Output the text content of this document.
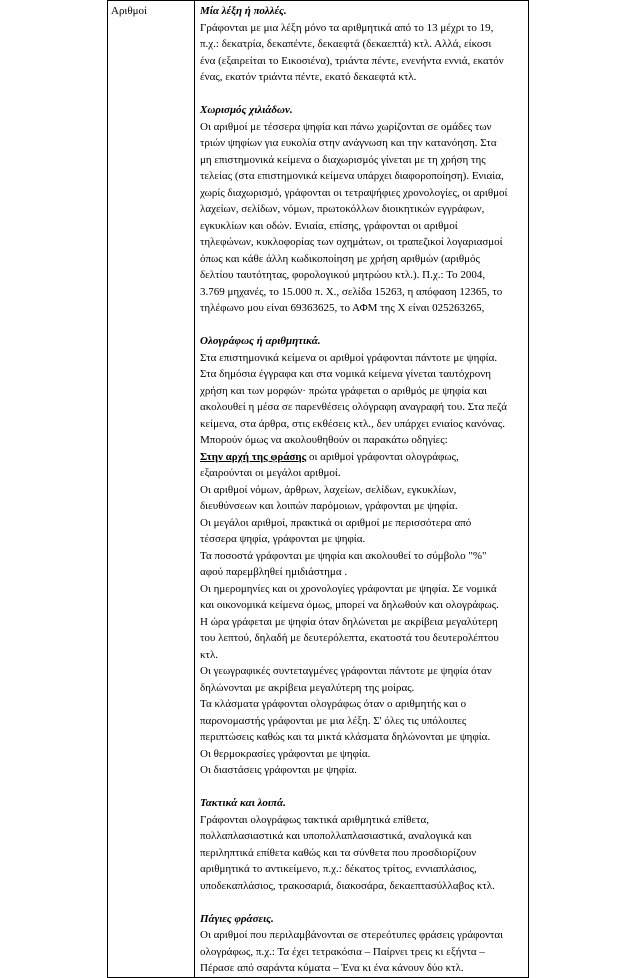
Αριθμοί	Μία λέξη ή πολλές.
Γράφονται με μια λέξη μόνο τα αριθμητικά από το 13 μέχρι το 19,
π.χ.: δεκατρία, δεκαπέντε, δεκαεφτά (δεκαεπτά) κτλ. Αλλά, είκοσι
ένα (εξαιρείται το Εικοσιένα), τριάντα πέντε, ενενήντα εννιά, εκατόν
ένας, εκατόν τριάντα πέντε, εκατό δεκαεφτά κτλ.
Χωρισμός χιλιάδων.
Οι αριθμοί με τέσσερα ψηφία και πάνω χωρίζονται σε ομάδες των
τριών ψηφίων για ευκολία στην ανάγνωση και την κατανόηση. Στα
μη επιστημονικά κείμενα ο διαχωρισμός γίνεται με τη χρήση της
τελείας (στα επιστημονικά κείμενα υπάρχει διαφοροποίηση). Ενιαία,
χωρίς διαχωρισμό, γράφονται οι τετραψήφιες χρονολογίες, οι αριθμοί
λαχείων, σελίδων, νόμων, πρωτοκόλλων διοικητικών εγγράφων,
εγκυκλίων και οδών. Ενιαία, επίσης, γράφονται οι αριθμοί
τηλεφώνων, κυκλοφορίας των οχημάτων, οι τραπεζικοί λογαριασμοί
όπως και κάθε άλλη κωδικοποίηση με χρήση αριθμών (αριθμός
δελτίου ταυτότητας, φορολογικού μητρώου κτλ.). Π.χ.: Το 2004,
3.769 μηχανές, το 15.000 π. Χ., σελίδα 15263, η απόφαση 12365, το
τηλέφωνο μου είναι 69363625, το ΑΦΜ της Χ είναι 025263265,
Ολογράφως ή αριθμητικά.
Στα επιστημονικά κείμενα οι αριθμοί γράφονται πάντοτε με ψηφία.
Στα δημόσια έγγραφα και στα νομικά κείμενα γίνεται ταυτόχρονη
χρήση και των μορφών· πρώτα γράφεται ο αριθμός με ψηφία και
ακολουθεί η μέσα σε παρενθέσεις ολόγραφη αναγραφή του. Στα πεζά
κείμενα, στα άρθρα, στις εκθέσεις κτλ., δεν υπάρχει ενιαίος κανόνας.
Μπορούν όμως να ακολουθηθούν οι παρακάτω οδηγίες:
Στην αρχή της φράσης οι αριθμοί γράφονται ολογράφως,
εξαιρούνται οι μεγάλοι αριθμοί.
Οι αριθμοί νόμων, άρθρων, λαχείων, σελίδων, εγκυκλίων,
διευθύνσεων και λοιπών παρόμοιων, γράφονται με ψηφία.
Οι μεγάλοι αριθμοί, πρακτικά οι αριθμοί με περισσότερα από
τέσσερα ψηφία, γράφονται με ψηφία.
Τα ποσοστά γράφονται με ψηφία και ακολουθεί το σύμβολο "%"
αφού παρεμβληθεί ημιδιάστημα .
Οι ημερομηνίες και οι χρονολογίες γράφονται με ψηφία. Σε νομικά
και οικονομικά κείμενα όμως, μπορεί να δηλωθούν και ολογράφως.
Η ώρα γράφεται με ψηφία όταν δηλώνεται με ακρίβεια μεγαλύτερη
του λεπτού, δηλαδή με δευτερόλεπτα, εκατοστά του δευτερολέπτου
κτλ.
Οι γεωγραφικές συντεταγμένες γράφονται πάντοτε με ψηφία όταν
δηλώνονται με ακρίβεια μεγαλύτερη της μοίρας.
Τα κλάσματα γράφονται ολογράφως όταν ο αριθμητής και ο
παρονομαστής γράφονται με μια λέξη. Σ' όλες τις υπόλοιπες
περιπτώσεις καθώς και τα μικτά κλάσματα δηλώνονται με ψηφία.
Οι θερμοκρασίες γράφονται με ψηφία.
Οι διαστάσεις γράφονται με ψηφία.
Τακτικά και λοιπά.
Γράφονται ολογράφως τακτικά αριθμητικά επίθετα,
πολλαπλασιαστικά και υποπολλαπλασιαστικά, αναλογικά και
περιληπτικά επίθετα καθώς και τα σύνθετα που προσδιορίζουν
αριθμητικά το αντικείμενο, π.χ.: δέκατος τρίτος, εννιαπλάσιος,
υποδεκαπλάσιος, τρακοσαριά, διακοσάρα, δεκαεπτασύλλαβος κτλ.
Πάγιες φράσεις.
Οι αριθμοί που περιλαμβάνονται σε στερεότυπες φράσεις γράφονται
ολογράφως, π.χ.: Τα έχει τετρακόσια – Παίρνει τρεις κι εξήντα –
Πέρασε από σαράντα κύματα – Ένα κι ένα κάνουν δύο κτλ.
